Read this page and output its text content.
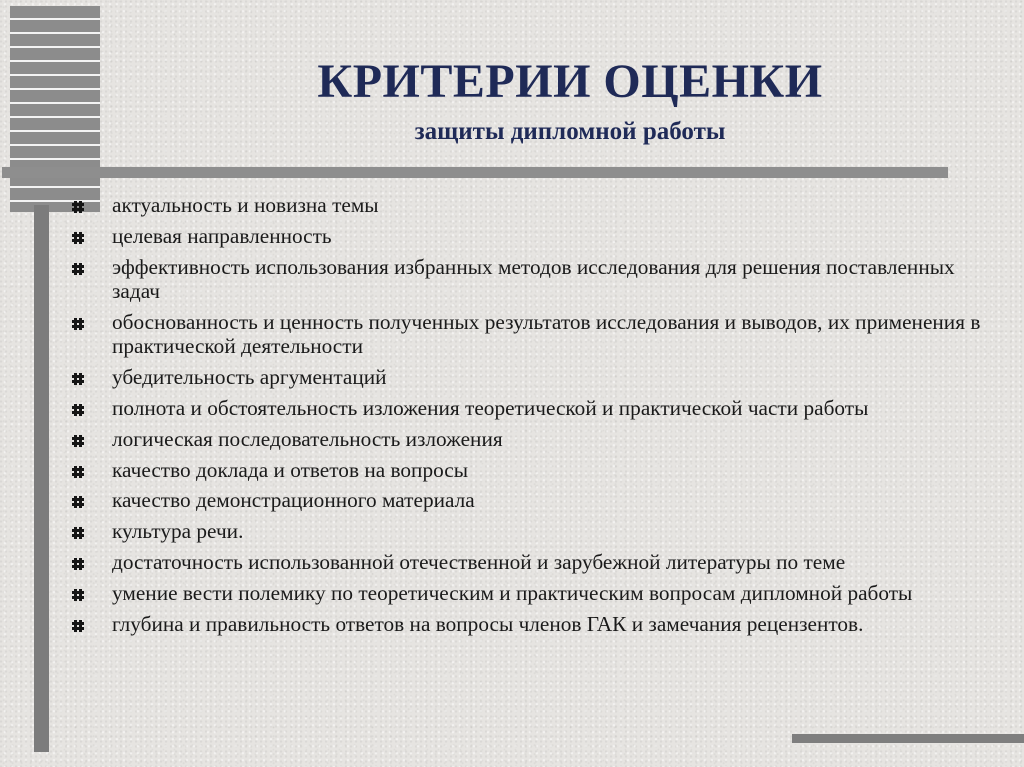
КРИТЕРИИ ОЦЕНКИ
защиты дипломной работы
актуальность и новизна темы
целевая направленность
эффективность использования избранных методов исследования для решения поставленных задач
обоснованность и ценность полученных результатов исследования и выводов, их применения в практической деятельности
убедительность аргументаций
полнота и обстоятельность изложения теоретической и практической части работы
логическая последовательность изложения
качество доклада и ответов на вопросы
качество демонстрационного материала
культура речи.
достаточность использованной отечественной и зарубежной литературы по теме
умение вести полемику по теоретическим и практическим вопросам дипломной работы
глубина и правильность ответов на вопросы членов ГАК и замечания рецензентов.
